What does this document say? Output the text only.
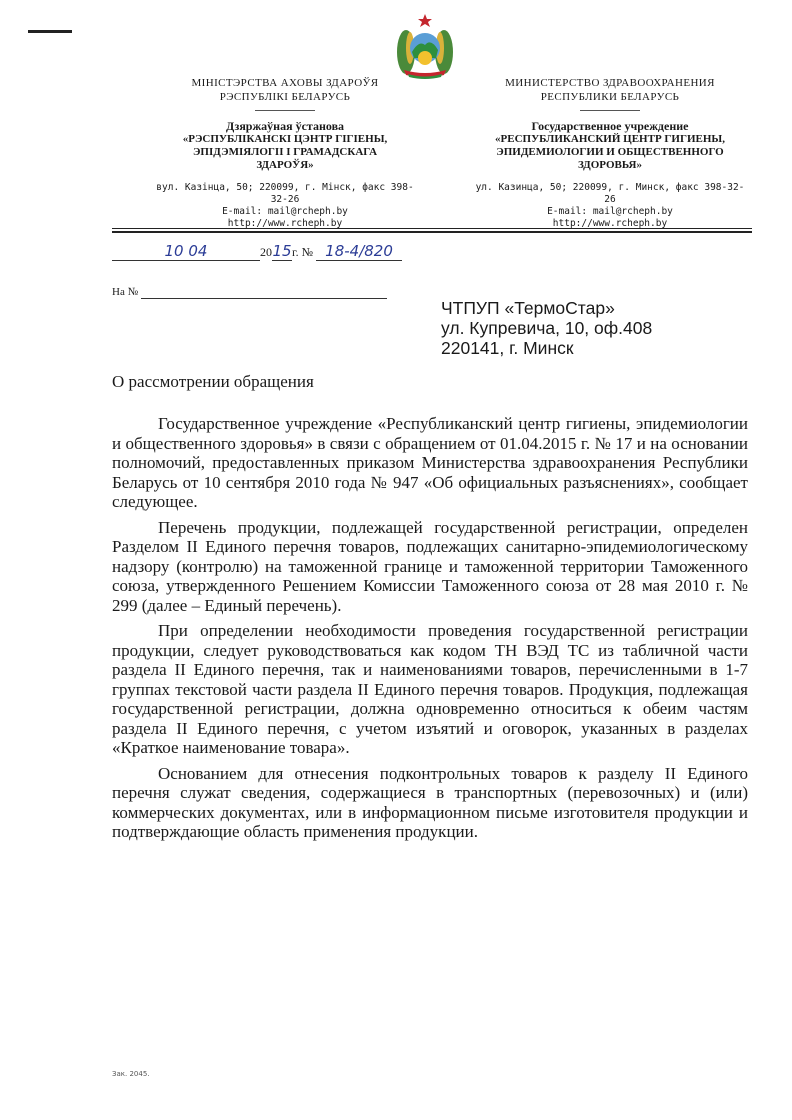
МІНІСТЭРСТВА АХОВЫ ЗДАРОЎЯ
РЭСПУБЛІКІ БЕЛАРУСЬ
Дзяржаўная ўстанова
«РЭСПУБЛІКАНСКІ ЦЭНТР ГІГІЕНЫ, ЭПІДЭМІЯЛОГІІ І ГРАМАДСКАГА ЗДАРОЎЯ»
вул. Казінца, 50; 220099, г. Мінск, факс 398-32-26
E-mail: mail@rcheph.by
http://www.rcheph.by
МИНИСТЕРСТВО ЗДРАВООХРАНЕНИЯ
РЕСПУБЛИКИ БЕЛАРУСЬ
Государственное учреждение
«РЕСПУБЛИКАНСКИЙ ЦЕНТР ГИГИЕНЫ, ЭПИДЕМИОЛОГИИ И ОБЩЕСТВЕННОГО ЗДОРОВЬЯ»
ул. Казинца, 50; 220099, г. Минск, факс 398-32-26
E-mail: mail@rcheph.by
http://www.rcheph.by
10 04	2015г. № 18-4/820
На №
ЧТПУП «ТермоСтар»
ул. Купревича, 10, оф.408
220141, г. Минск
О рассмотрении обращения

Государственное учреждение «Республиканский центр гигиены, эпидемиологии и общественного здоровья» в связи с обращением от 01.04.2015 г. № 17 и на основании полномочий, предоставленных приказом Министерства здравоохранения Республики Беларусь от 10 сентября 2010 года № 947 «Об официальных разъяснениях», сообщает следующее.

Перечень продукции, подлежащей государственной регистрации, определен Разделом II Единого перечня товаров, подлежащих санитарно-эпидемиологическому надзору (контролю) на таможенной границе и таможенной территории Таможенного союза, утвержденного Решением Комиссии Таможенного союза от 28 мая 2010 г. № 299 (далее – Единый перечень).

При определении необходимости проведения государственной регистрации продукции, следует руководствоваться как кодом ТН ВЭД ТС из табличной части раздела II Единого перечня, так и наименованиями товаров, перечисленными в 1-7 группах текстовой части раздела II Единого перечня товаров. Продукция, подлежащая государственной регистрации, должна одновременно относиться к обеим частям раздела II Единого перечня, с учетом изъятий и оговорок, указанных в разделах «Краткое наименование товара».

Основанием для отнесения подконтрольных товаров к разделу II Единого перечня служат сведения, содержащиеся в транспортных (перевозочных) и (или) коммерческих документах, или в информационном письме изготовителя продукции и подтверждающие область применения продукции.

Зак. 2045.
